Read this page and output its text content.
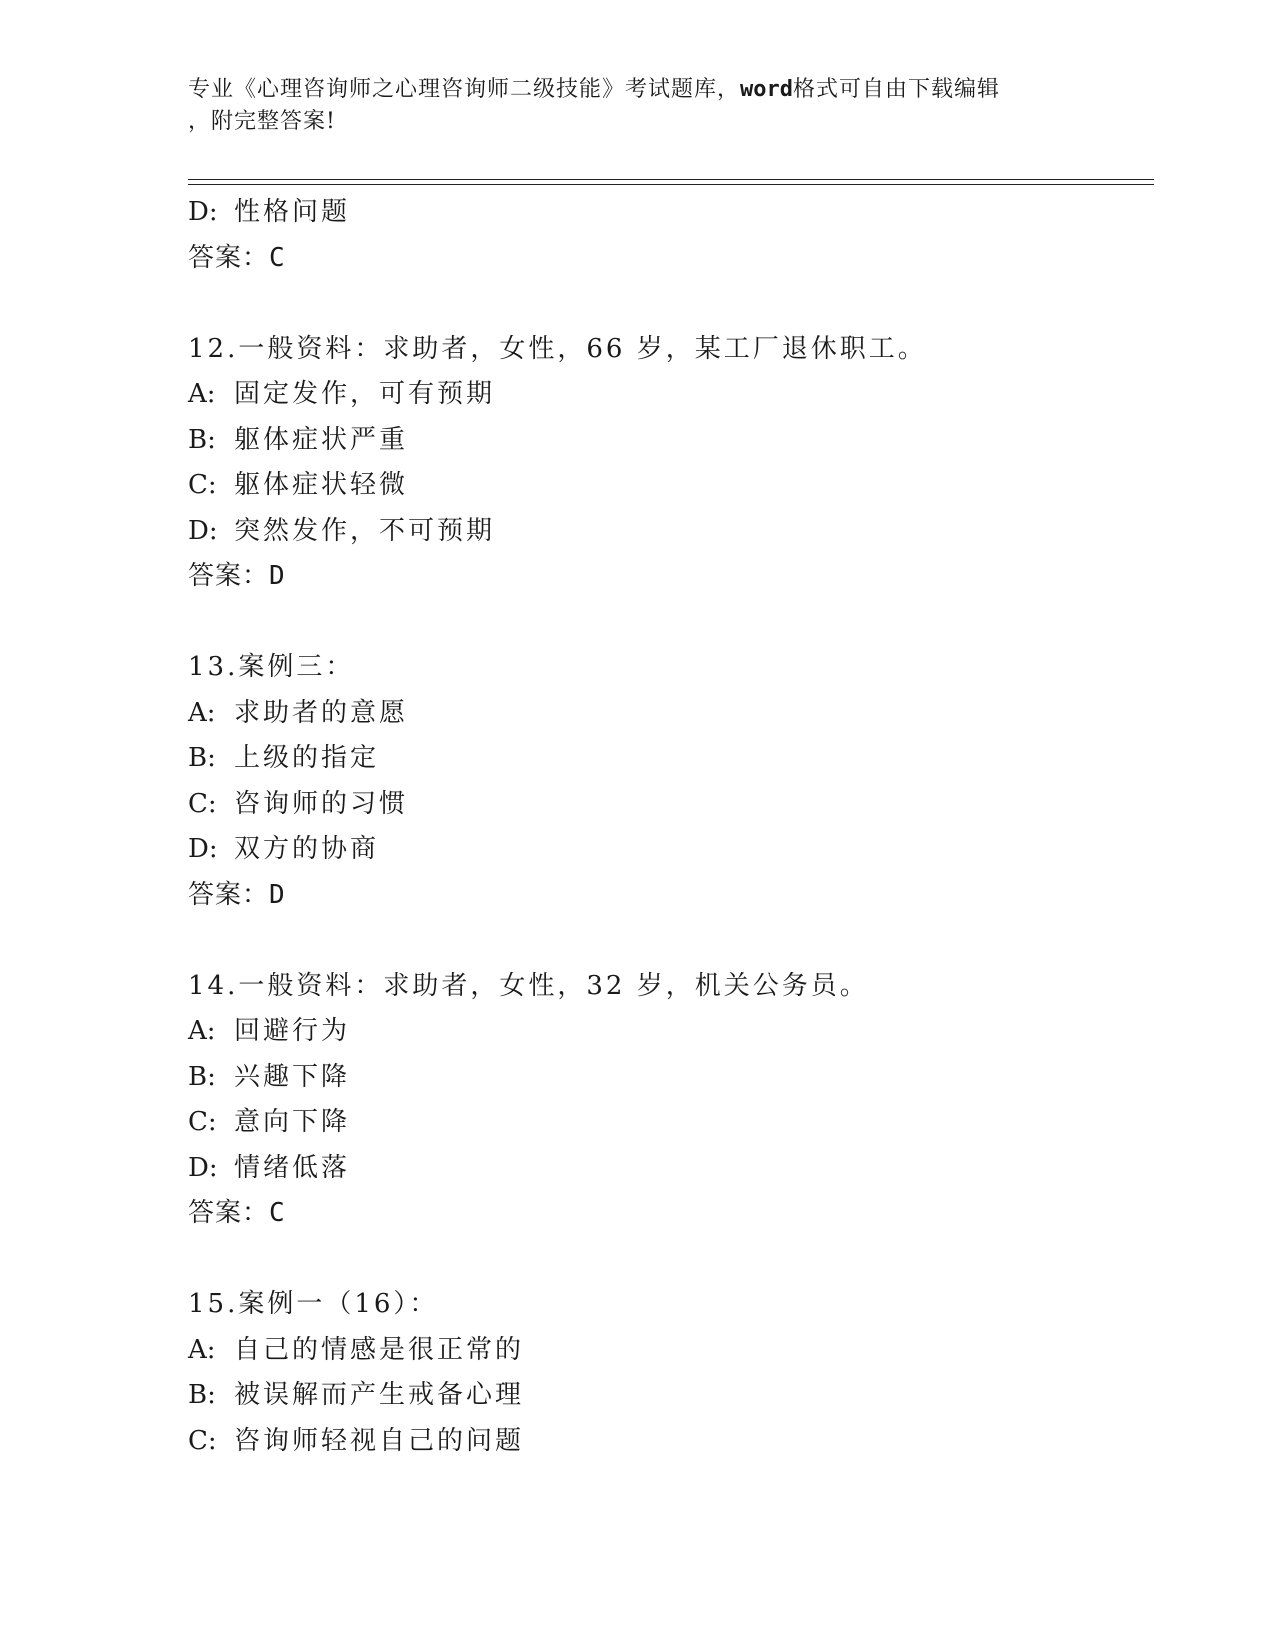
专业《心理咨询师之心理咨询师二级技能》考试题库，word格式可自由下载编辑
，附完整答案!
D: 性格问题
答案：C
12.一般资料：求助者，女性，66 岁，某工厂退休职工。
A: 固定发作，可有预期
B: 躯体症状严重
C: 躯体症状轻微
D: 突然发作，不可预期
答案：D
13.案例三：
A: 求助者的意愿
B: 上级的指定
C: 咨询师的习惯
D: 双方的协商
答案：D
14.一般资料：求助者，女性，32 岁，机关公务员。
A: 回避行为
B: 兴趣下降
C: 意向下降
D: 情绪低落
答案：C
15.案例一（16）：
A: 自己的情感是很正常的
B: 被误解而产生戒备心理
C: 咨询师轻视自己的问题
